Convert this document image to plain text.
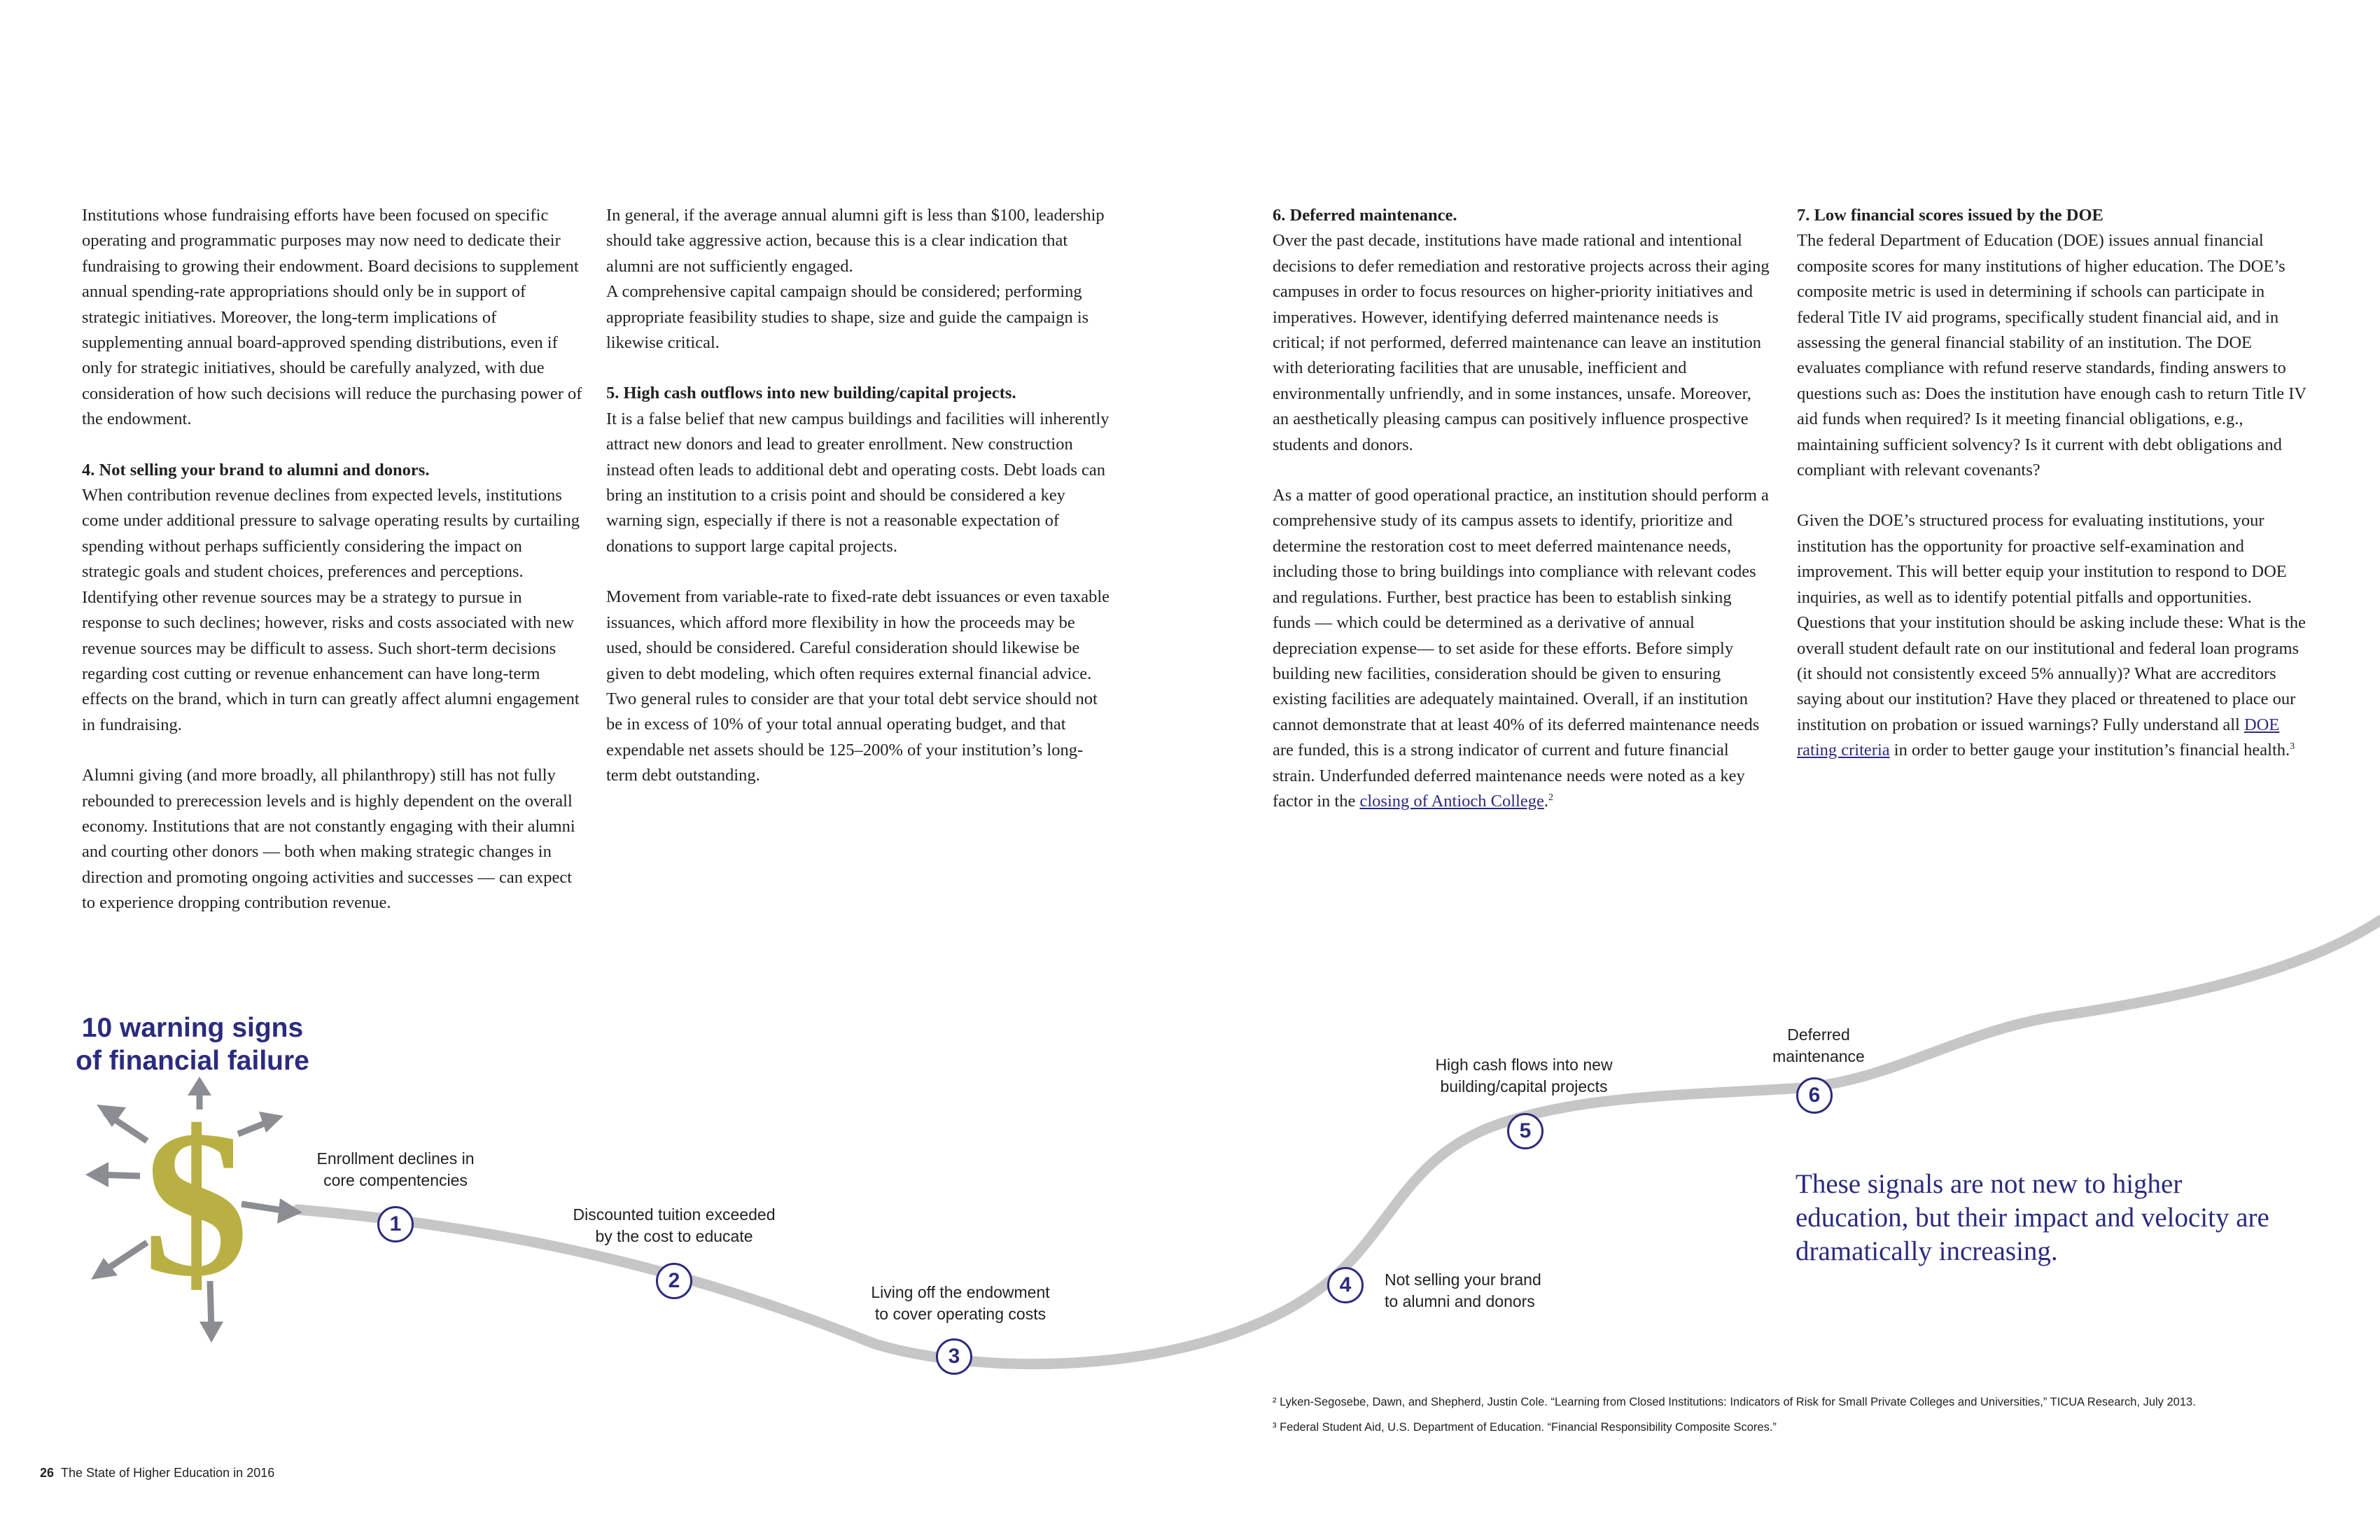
Institutions whose fundraising efforts have been focused on specific operating and programmatic purposes may now need to dedicate their fundraising to growing their endowment. Board decisions to supplement annual spending-rate appropriations should only be in support of strategic initiatives. Moreover, the long-term implications of supplementing annual board-approved spending distributions, even if only for strategic initiatives, should be carefully analyzed, with due consideration of how such decisions will reduce the purchasing power of the endowment.

4. Not selling your brand to alumni and donors.

When contribution revenue declines from expected levels, institutions come under additional pressure to salvage operating results by curtailing spending without perhaps sufficiently considering the impact on strategic goals and student choices, preferences and perceptions. Identifying other revenue sources may be a strategy to pursue in response to such declines; however, risks and costs associated with new revenue sources may be difficult to assess. Such short-term decisions regarding cost cutting or revenue enhancement can have long-term effects on the brand, which in turn can greatly affect alumni engagement in fundraising.

Alumni giving (and more broadly, all philanthropy) still has not fully rebounded to prerecession levels and is highly dependent on the overall economy. Institutions that are not constantly engaging with their alumni and courting other donors — both when making strategic changes in direction and promoting ongoing activities and successes — can expect to experience dropping contribution revenue.

In general, if the average annual alumni gift is less than $100, leadership should take aggressive action, because this is a clear indication that alumni are not sufficiently engaged.
A comprehensive capital campaign should be considered; performing appropriate feasibility studies to shape, size and guide the campaign is likewise critical.

5. High cash outflows into new building/capital projects.

It is a false belief that new campus buildings and facilities will inherently attract new donors and lead to greater enrollment. New construction instead often leads to additional debt and operating costs. Debt loads can bring an institution to a crisis point and should be considered a key warning sign, especially if there is not a reasonable expectation of donations to support large capital projects.

Movement from variable-rate to fixed-rate debt issuances or even taxable issuances, which afford more flexibility in how the proceeds may be used, should be considered. Careful consideration should likewise be given to debt modeling, which often requires external financial advice. Two general rules to consider are that your total debt service should not be in excess of 10% of your total annual operating budget, and that expendable net assets should be 125–200% of your institution’s long-term debt outstanding.

6. Deferred maintenance.

Over the past decade, institutions have made rational and intentional decisions to defer remediation and restorative projects across their aging campuses in order to focus resources on higher-priority initiatives and imperatives. However, identifying deferred maintenance needs is critical; if not performed, deferred maintenance can leave an institution with deteriorating facilities that are unusable, inefficient and environmentally unfriendly, and in some instances, unsafe. Moreover, an aesthetically pleasing campus can positively influence prospective students and donors.

As a matter of good operational practice, an institution should perform a comprehensive study of its campus assets to identify, prioritize and determine the restoration cost to meet deferred maintenance needs, including those to bring buildings into compliance with relevant codes and regulations. Further, best practice has been to establish sinking funds — which could be determined as a derivative of annual depreciation expense— to set aside for these efforts. Before simply building new facilities, consideration should be given to ensuring existing facilities are adequately maintained. Overall, if an institution cannot demonstrate that at least 40% of its deferred maintenance needs are funded, this is a strong indicator of current and future financial strain. Underfunded deferred maintenance needs were noted as a key factor in the closing of Antioch College.$^2$

7. Low financial scores issued by the DOE

The federal Department of Education (DOE) issues annual financial composite scores for many institutions of higher education. The DOE’s composite metric is used in determining if schools can participate in federal Title IV aid programs, specifically student financial aid, and in assessing the general financial stability of an institution. The DOE evaluates compliance with refund reserve standards, finding answers to questions such as: Does the institution have enough cash to return Title IV aid funds when required? Is it meeting financial obligations, e.g., maintaining sufficient solvency? Is it current with debt obligations and compliant with relevant covenants?

Given the DOE’s structured process for evaluating institutions, your institution has the opportunity for proactive self-examination and improvement. This will better equip your institution to respond to DOE inquiries, as well as to identify potential pitfalls and opportunities. Questions that your institution should be asking include these: What is the overall student default rate on our institutional and federal loan programs (it should not consistently exceed 5% annually)? What are accreditors saying about our institution? Have they placed or threatened to place our institution on probation or issued warnings? Fully understand all DOE rating criteria in order to better gauge your institution’s financial health.$^3$

10 warning signs
of financial failure
$	Enrollment declines in
core compentencies
1	Discounted tuition exceeded
by the cost to educate
2	Living off the endowment
to cover operating costs
3
Not selling your brand
to alumni and donors
4
High cash flows into new
building/capital projects
5
Deferred
maintenance
6
These signals are not new to higher education, but their impact and velocity are dramatically increasing.
² Lyken-Segosebe, Dawn, and Shepherd, Justin Cole. “Learning from Closed Institutions: Indicators of Risk for Small Private Colleges and Universities,” TICUA Research, July 2013.
³ Federal Student Aid, U.S. Department of Education. “Financial Responsibility Composite Scores.”
26 The State of Higher Education in 2016
